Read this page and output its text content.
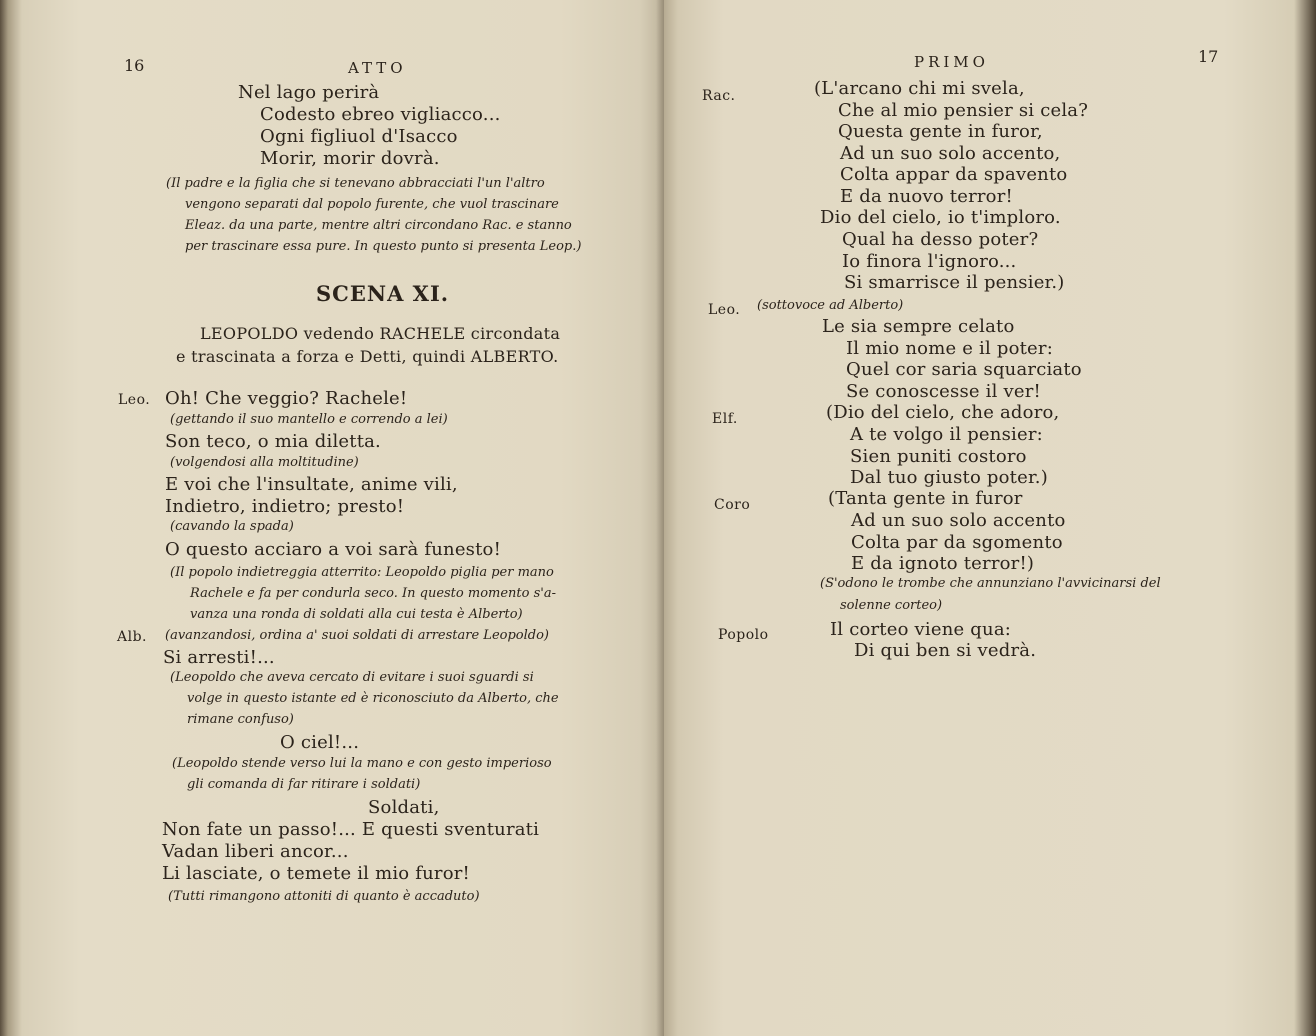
16	ATTO
Nel lago perirà
Codesto ebreo vigliacco...
Ogni figliuol d'Isacco
Morir, morir dovrà.
(Il padre e la figlia che si tenevano abbracciati l'un l'altro
vengono separati dal popolo furente, che vuol trascinare
Eleaz. da una parte, mentre altri circondano Rac. e stanno
per trascinare essa pure. In questo punto si presenta Leop.)
SCENA XI.
LEOPOLDO vedendo RACHELE circondata
e trascinata a forza e Detti, quindi ALBERTO.
Leo. Oh! Che veggio? Rachele!
(gettando il suo mantello e correndo a lei)
Son teco, o mia diletta.
(volgendosi alla moltitudine)
E voi che l'insultate, anime vili,
Indietro, indietro; presto!
(cavando la spada)
O questo acciaro a voi sarà funesto!
(Il popolo indietreggia atterrito: Leopoldo piglia per mano
Rachele e fa per condurla seco. In questo momento s'a-
vanza una ronda di soldati alla cui testa è Alberto)
Alb. (avanzandosi, ordina a' suoi soldati di arrestare Leopoldo)
Si arresti!...
(Leopoldo che aveva cercato di evitare i suoi sguardi si
volge in questo istante ed è riconosciuto da Alberto, che
rimane confuso)
O ciel!...
(Leopoldo stende verso lui la mano e con gesto imperioso
gli comanda di far ritirare i soldati)
Soldati,
Non fate un passo!... E questi sventurati
Vadan liberi ancor...
Li lasciate, o temete il mio furor!
(Tutti rimangono attoniti di quanto è accaduto)
PRIMO	17
Rac.	(L'arcano chi mi svela,
Che al mio pensier si cela?
Questa gente in furor,
Ad un suo solo accento,
Colta appar da spavento
E da nuovo terror!
Dio del cielo, io t'imploro.
Qual ha desso poter?
Io finora l'ignoro...
Si smarrisce il pensier.)
Leo. (sottovoce ad Alberto)
Le sia sempre celato
Il mio nome e il poter:
Quel cor saria squarciato
Se conoscesse il ver!
Elf.	(Dio del cielo, che adoro,
A te volgo il pensier:
Sien puniti costoro
Dal tuo giusto poter.)
Coro	(Tanta gente in furor
Ad un suo solo accento
Colta par da sgomento
E da ignoto terror!)
(S'odono le trombe che annunziano l'avvicinarsi del
solenne corteo)
Popolo	Il corteo viene qua:
Di qui ben si vedrà.
